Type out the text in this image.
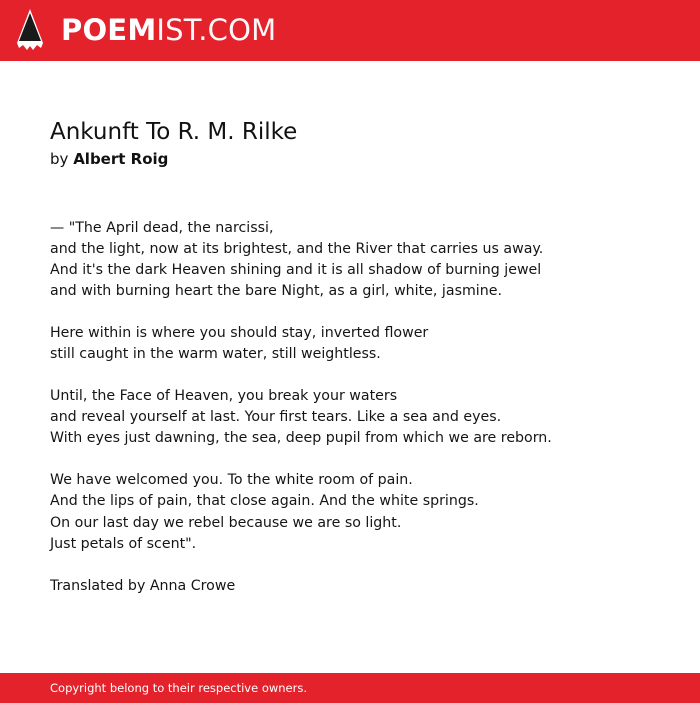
POEMIST.COM
Ankunft To R. M. Rilke
by Albert Roig
— "The April dead, the narcissi,
and the light, now at its brightest, and the River that carries us away.
And it's the dark Heaven shining and it is all shadow of burning jewel
and with burning heart the bare Night, as a girl, white, jasmine.
Here within is where you should stay, inverted flower
still caught in the warm water, still weightless.
Until, the Face of Heaven, you break your waters
and reveal yourself at last. Your first tears. Like a sea and eyes.
With eyes just dawning, the sea, deep pupil from which we are reborn.
We have welcomed you. To the white room of pain.
And the lips of pain, that close again. And the white springs.
On our last day we rebel because we are so light.
Just petals of scent".
Translated by Anna Crowe
Copyright belong to their respective owners.
